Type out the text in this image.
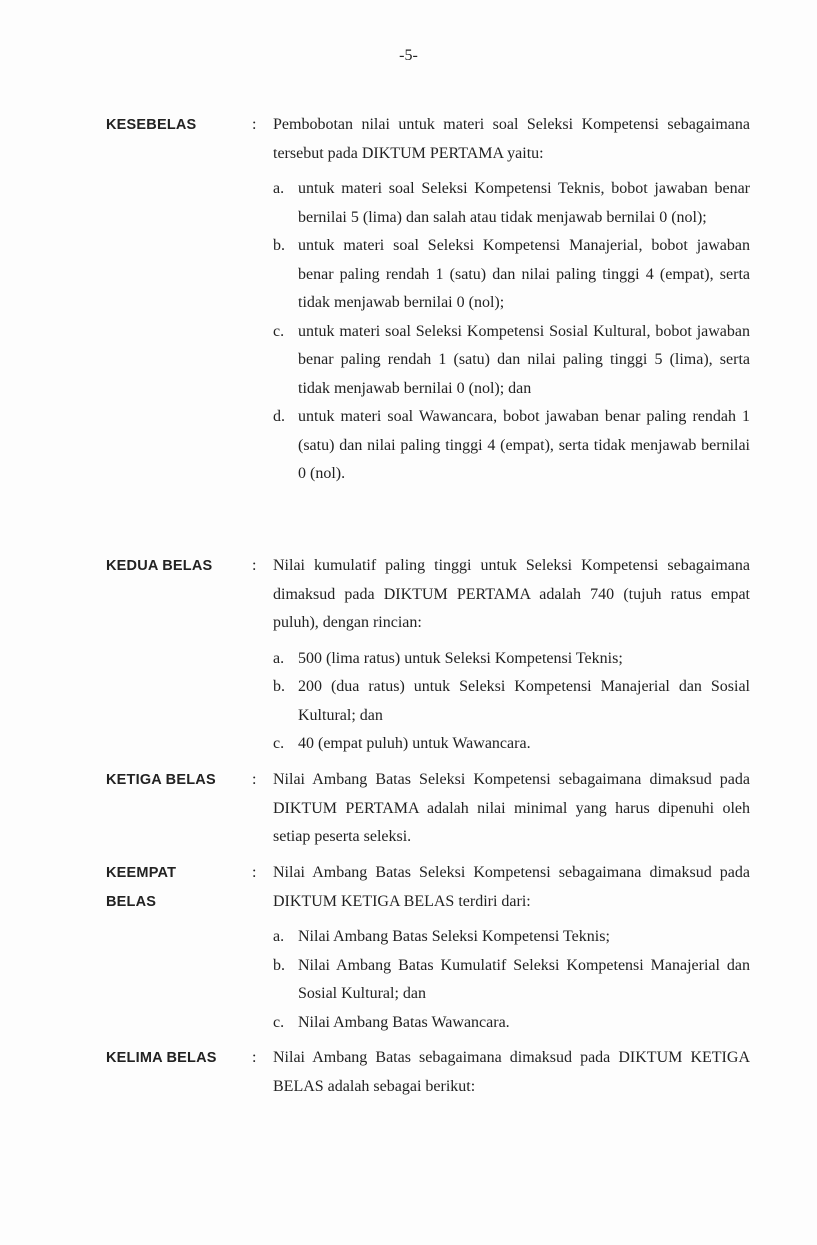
-5-
KESEBELAS	: Pembobotan nilai untuk materi soal Seleksi Kompetensi sebagaimana tersebut pada DIKTUM PERTAMA yaitu:

a. untuk materi soal Seleksi Kompetensi Teknis, bobot jawaban benar bernilai 5 (lima) dan salah atau tidak menjawab bernilai 0 (nol);
b. untuk materi soal Seleksi Kompetensi Manajerial, bobot jawaban benar paling rendah 1 (satu) dan nilai paling tinggi 4 (empat), serta tidak menjawab bernilai 0 (nol);
c. untuk materi soal Seleksi Kompetensi Sosial Kultural, bobot jawaban benar paling rendah 1 (satu) dan nilai paling tinggi 5 (lima), serta tidak menjawab bernilai 0 (nol); dan
d. untuk materi soal Wawancara, bobot jawaban benar paling rendah 1 (satu) dan nilai paling tinggi 4 (empat), serta tidak menjawab bernilai 0 (nol).
KEDUA BELAS : Nilai kumulatif paling tinggi untuk Seleksi Kompetensi sebagaimana dimaksud pada DIKTUM PERTAMA adalah 740 (tujuh ratus empat puluh), dengan rincian:

a. 500 (lima ratus) untuk Seleksi Kompetensi Teknis;
b. 200 (dua ratus) untuk Seleksi Kompetensi Manajerial dan Sosial Kultural; dan
c. 40 (empat puluh) untuk Wawancara.
KETIGA BELAS : Nilai Ambang Batas Seleksi Kompetensi sebagaimana dimaksud pada DIKTUM PERTAMA adalah nilai minimal yang harus dipenuhi oleh setiap peserta seleksi.

KEEMPAT
BELAS
: Nilai Ambang Batas Seleksi Kompetensi sebagaimana dimaksud pada DIKTUM KETIGA BELAS terdiri dari:

a. Nilai Ambang Batas Seleksi Kompetensi Teknis;
b. Nilai Ambang Batas Kumulatif Seleksi Kompetensi Manajerial dan Sosial Kultural; dan
c. Nilai Ambang Batas Wawancara.
KELIMA BELAS : Nilai Ambang Batas sebagaimana dimaksud pada DIKTUM KETIGA BELAS adalah sebagai berikut:
